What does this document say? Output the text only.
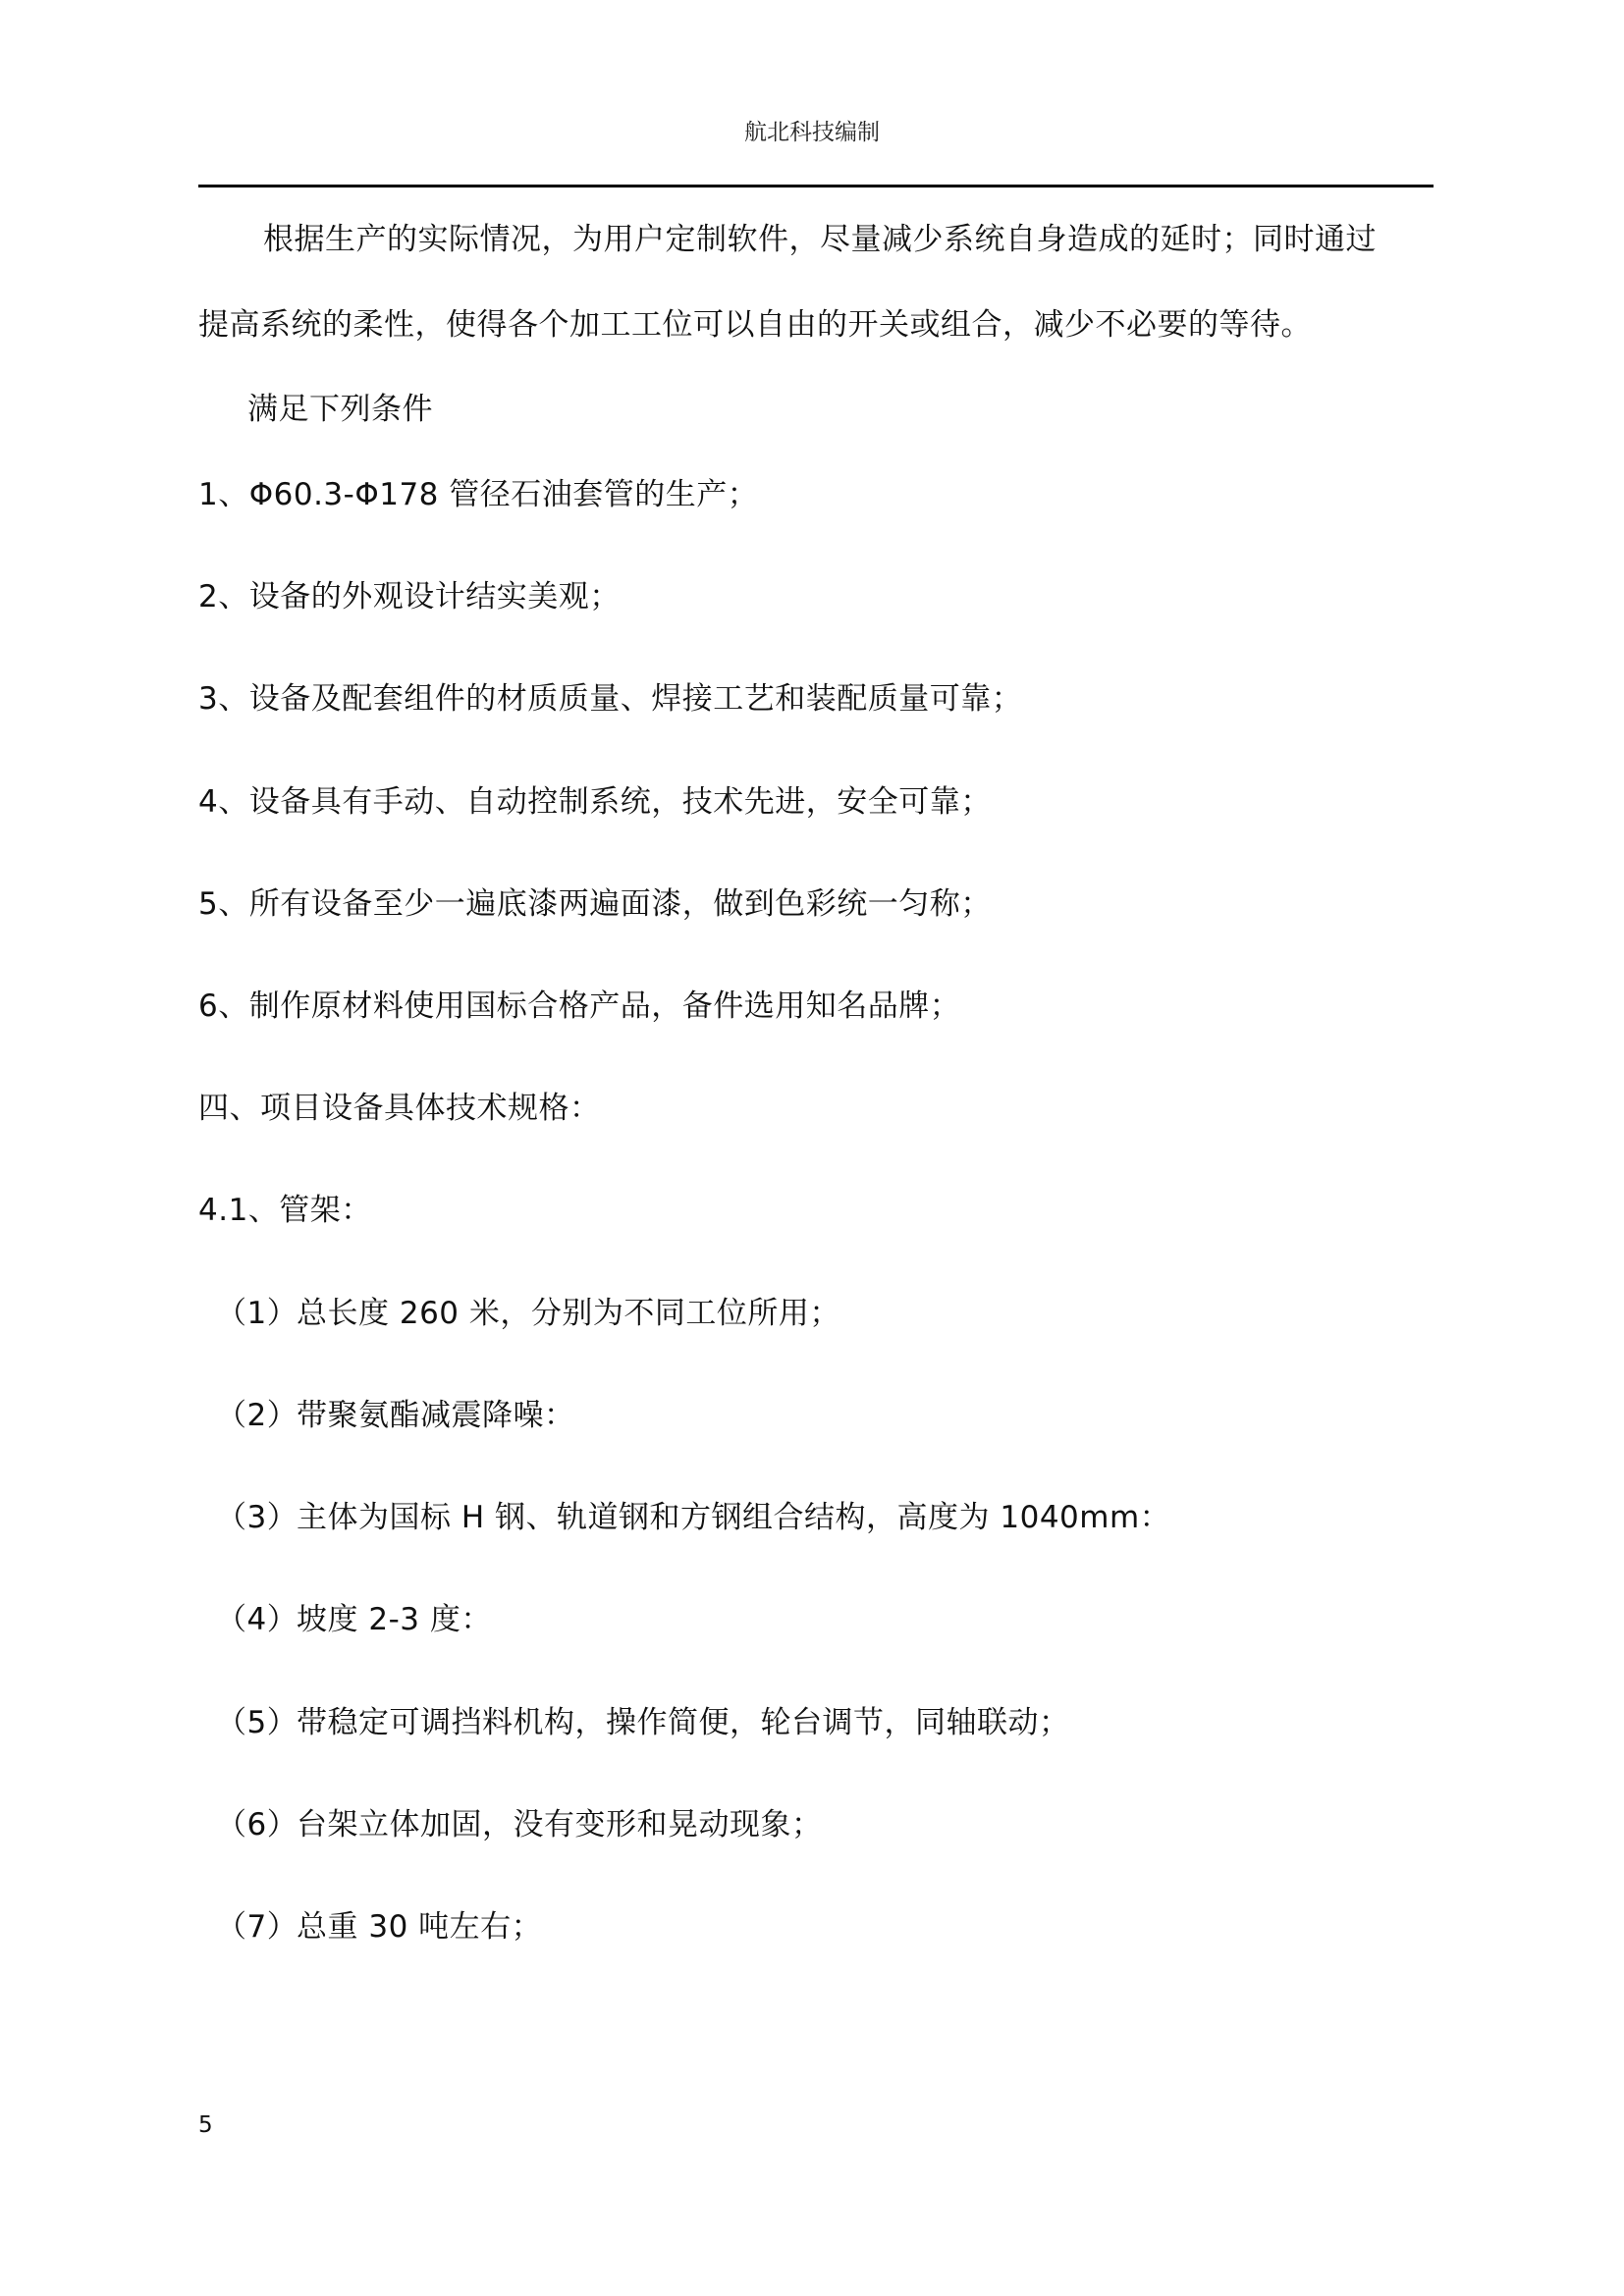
航北科技编制
根据生产的实际情况，为用户定制软件，尽量减少系统自身造成的延时；同时通过
提高系统的柔性，使得各个加工工位可以自由的开关或组合，减少不必要的等待。
满足下列条件
1、Φ60.3-Φ178 管径石油套管的生产；
2、设备的外观设计结实美观；
3、设备及配套组件的材质质量、焊接工艺和装配质量可靠；
4、设备具有手动、自动控制系统，技术先进，安全可靠；
5、所有设备至少一遍底漆两遍面漆，做到色彩统一匀称；
6、制作原材料使用国标合格产品，备件选用知名品牌；
四、项目设备具体技术规格：
4.1、管架：
（1）总长度 260 米，分别为不同工位所用；
（2）带聚氨酯减震降噪：
（3）主体为国标 H 钢、轨道钢和方钢组合结构，高度为 1040mm：
（4）坡度 2-3 度：
（5）带稳定可调挡料机构，操作简便，轮台调节，同轴联动；
（6）台架立体加固，没有变形和晃动现象；
（7）总重 30 吨左右；
5
